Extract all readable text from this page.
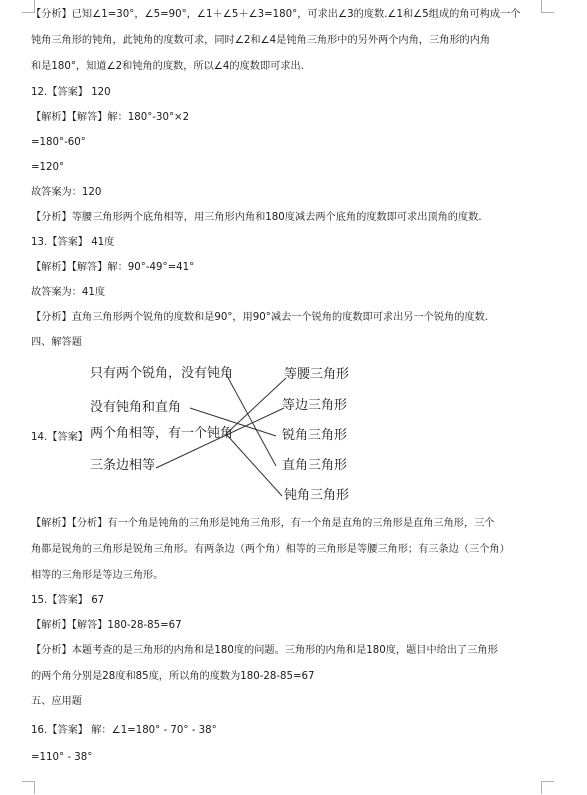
【分析】已知∠1=30°，∠5=90°，∠1＋∠5＋∠3=180°，可求出∠3的度数.∠1和∠5组成的角可构成一个
钝角三角形的钝角，此钝角的度数可求，同时∠2和∠4是钝角三角形中的另外两个内角，三角形的内角
和是180°，知道∠2和钝角的度数，所以∠4的度数即可求出.
12.【答案】 120
【解析】【解答】解：180°-30°×2
=180°-60°
=120°
故答案为：120
【分析】等腰三角形两个底角相等，用三角形内角和180度减去两个底角的度数即可求出顶角的度数.
13.【答案】 41度
【解析】【解答】解：90°-49°=41°
故答案为：41度
【分析】直角三角形两个锐角的度数和是90°，用90°减去一个锐角的度数即可求出另一个锐角的度数.
四、解答题
14.【答案】
只有两个锐角，没有钝角
没有钝角和直角
两个角相等，有一个钝角
三条边相等
等腰三角形
等边三角形
锐角三角形
直角三角形
钝角三角形
【解析】【分析】有一个角是钝角的三角形是钝角三角形，有一个角是直角的三角形是直角三角形，三个
角都是锐角的三角形是锐角三角形。有两条边（两个角）相等的三角形是等腰三角形；有三条边（三个角）
相等的三角形是等边三角形。
15.【答案】 67
【解析】【解答】180-28-85=67
【分析】本题考查的是三角形的内角和是180度的问题。三角形的内角和是180度，题目中给出了三角形
的两个角分别是28度和85度，所以角的度数为180-28-85=67
五、应用题
16.【答案】 解：∠1=180° - 70° - 38°
=110° - 38°
